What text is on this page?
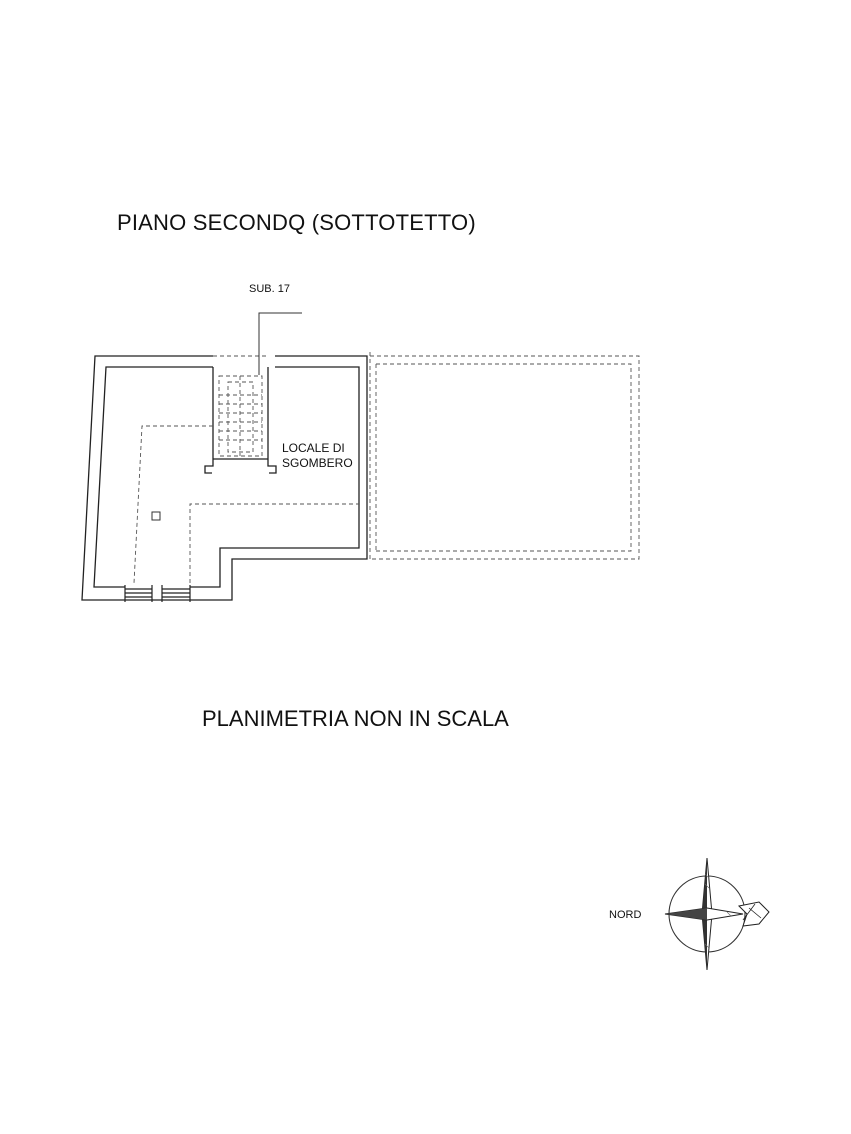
PIANO SECONDQ (SOTTOTETTO)
SUB. 17
LOCALE DI
SGOMBERO
NORD
PLANIMETRIA NON IN SCALA
